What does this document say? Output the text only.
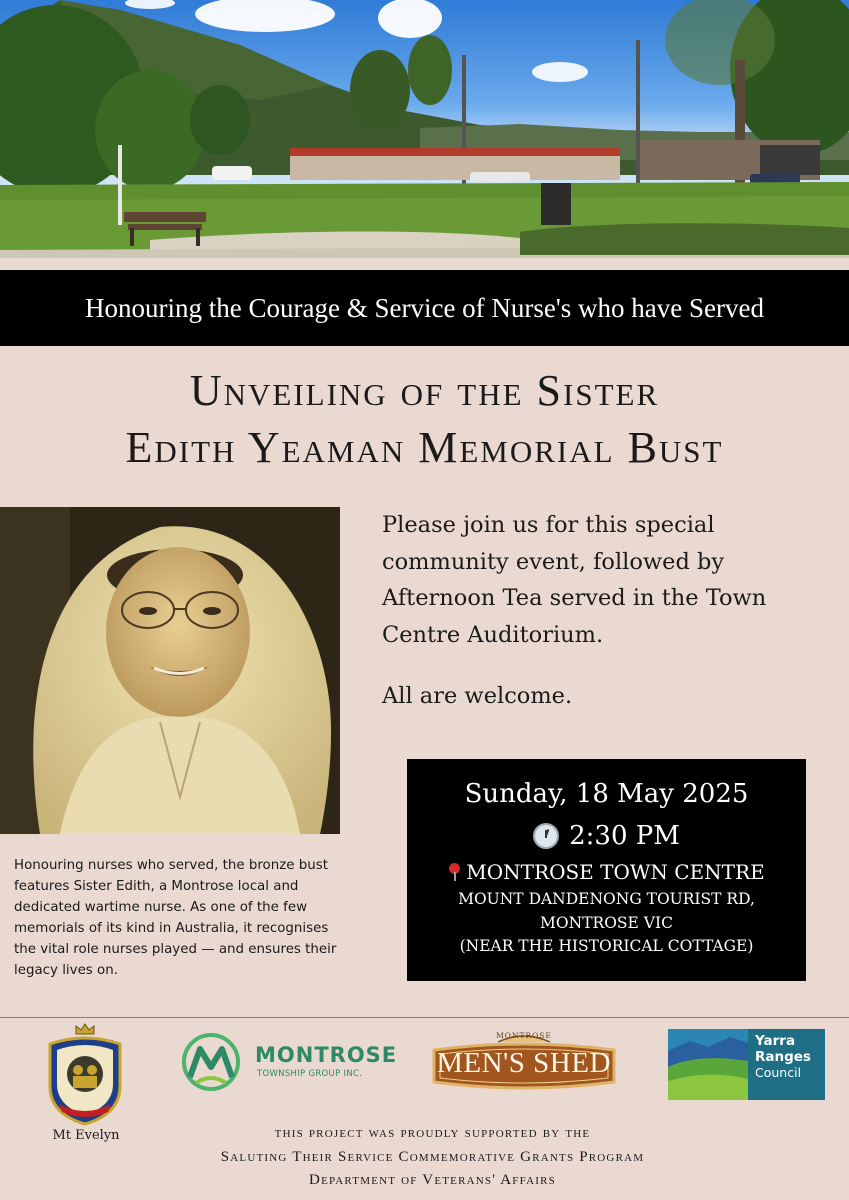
Honouring the Courage & Service of Nurse's who have Served
Unveiling of the Sister
Edith Yeaman Memorial Bust
Honouring nurses who served, the bronze bust features Sister Edith, a Montrose local and dedicated wartime nurse. As one of the few memorials of its kind in Australia, it recognises the vital role nurses played — and ensures their legacy lives on.
Please join us for this special community event, followed by Afternoon Tea served in the Town Centre Auditorium.
All are welcome.
Sunday, 18 May 2025
2:30 PM
MONTROSE TOWN CENTRE
MOUNT DANDENONG TOURIST RD,
MONTROSE VIC
(NEAR THE HISTORICAL COTTAGE)
Mt Evelyn
MONTROSE
TOWNSHIP GROUP INC.
MONTROSE
MEN'S SHED
Yarra
Ranges
Council
this project was proudly supported by the
Saluting Their Service Commemorative Grants Program
Department of Veterans' Affairs
